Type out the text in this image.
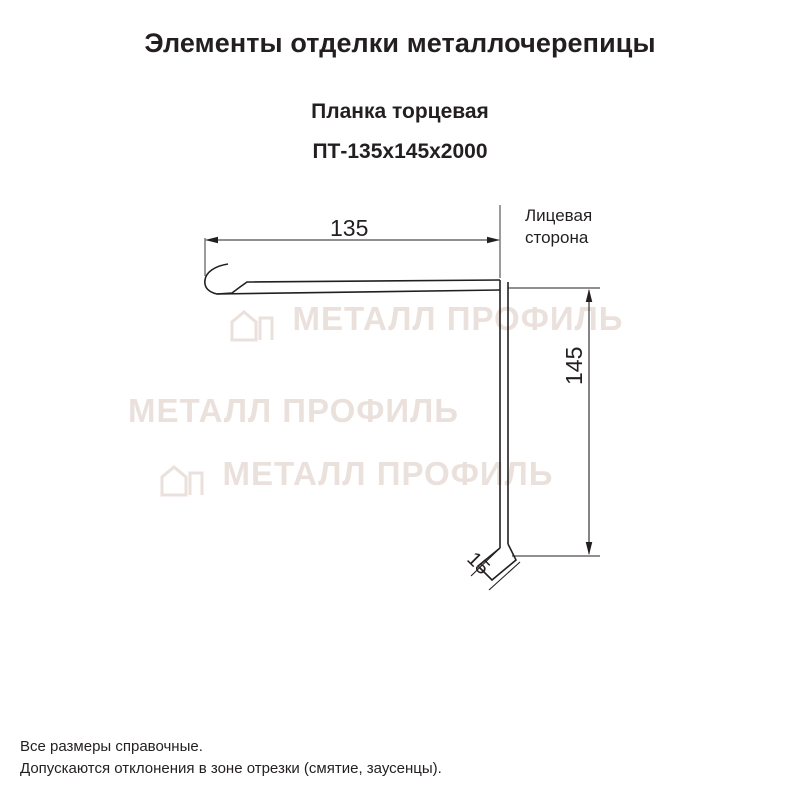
Элементы отделки металлочерепицы
Планка торцевая
ПТ-135х145х2000
МЕТАЛЛ ПРОФИЛЬ
МЕТАЛЛ ПРОФИЛЬ
МЕТАЛЛ ПРОФИЛЬ
135
145
15
Лицевая
сторона
Все размеры справочные.
Допускаются отклонения в зоне отрезки (смятие, заусенцы).
